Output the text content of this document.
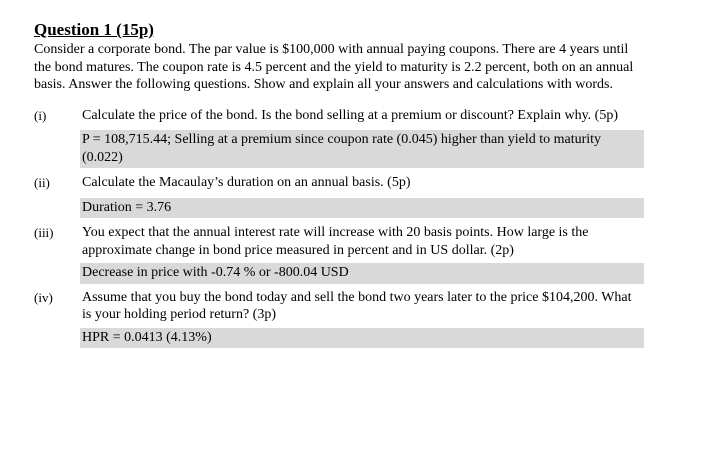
Question 1 (15p)

Consider a corporate bond. The par value is $100,000 with annual paying coupons. There are 4 years until the bond matures. The coupon rate is 4.5 percent and the yield to maturity is 2.2 percent, both on an annual basis. Answer the following questions. Show and explain all your answers and calculations with words.

(i)	Calculate the price of the bond. Is the bond selling at a premium or discount? Explain why. (5p)
P = 108,715.44; Selling at a premium since coupon rate (0.045) higher than yield to maturity (0.022)
(ii) Calculate the Macaulay’s duration on an annual basis. (5p)
Duration = 3.76
(iii) You expect that the annual interest rate will increase with 20 basis points. How large is the approximate change in bond price measured in percent and in US dollar. (2p)
Decrease in price with -0.74 % or -800.04 USD
(iv) Assume that you buy the bond today and sell the bond two years later to the price $104,200. What is your holding period return? (3p)
HPR = 0.0413 (4.13%)
